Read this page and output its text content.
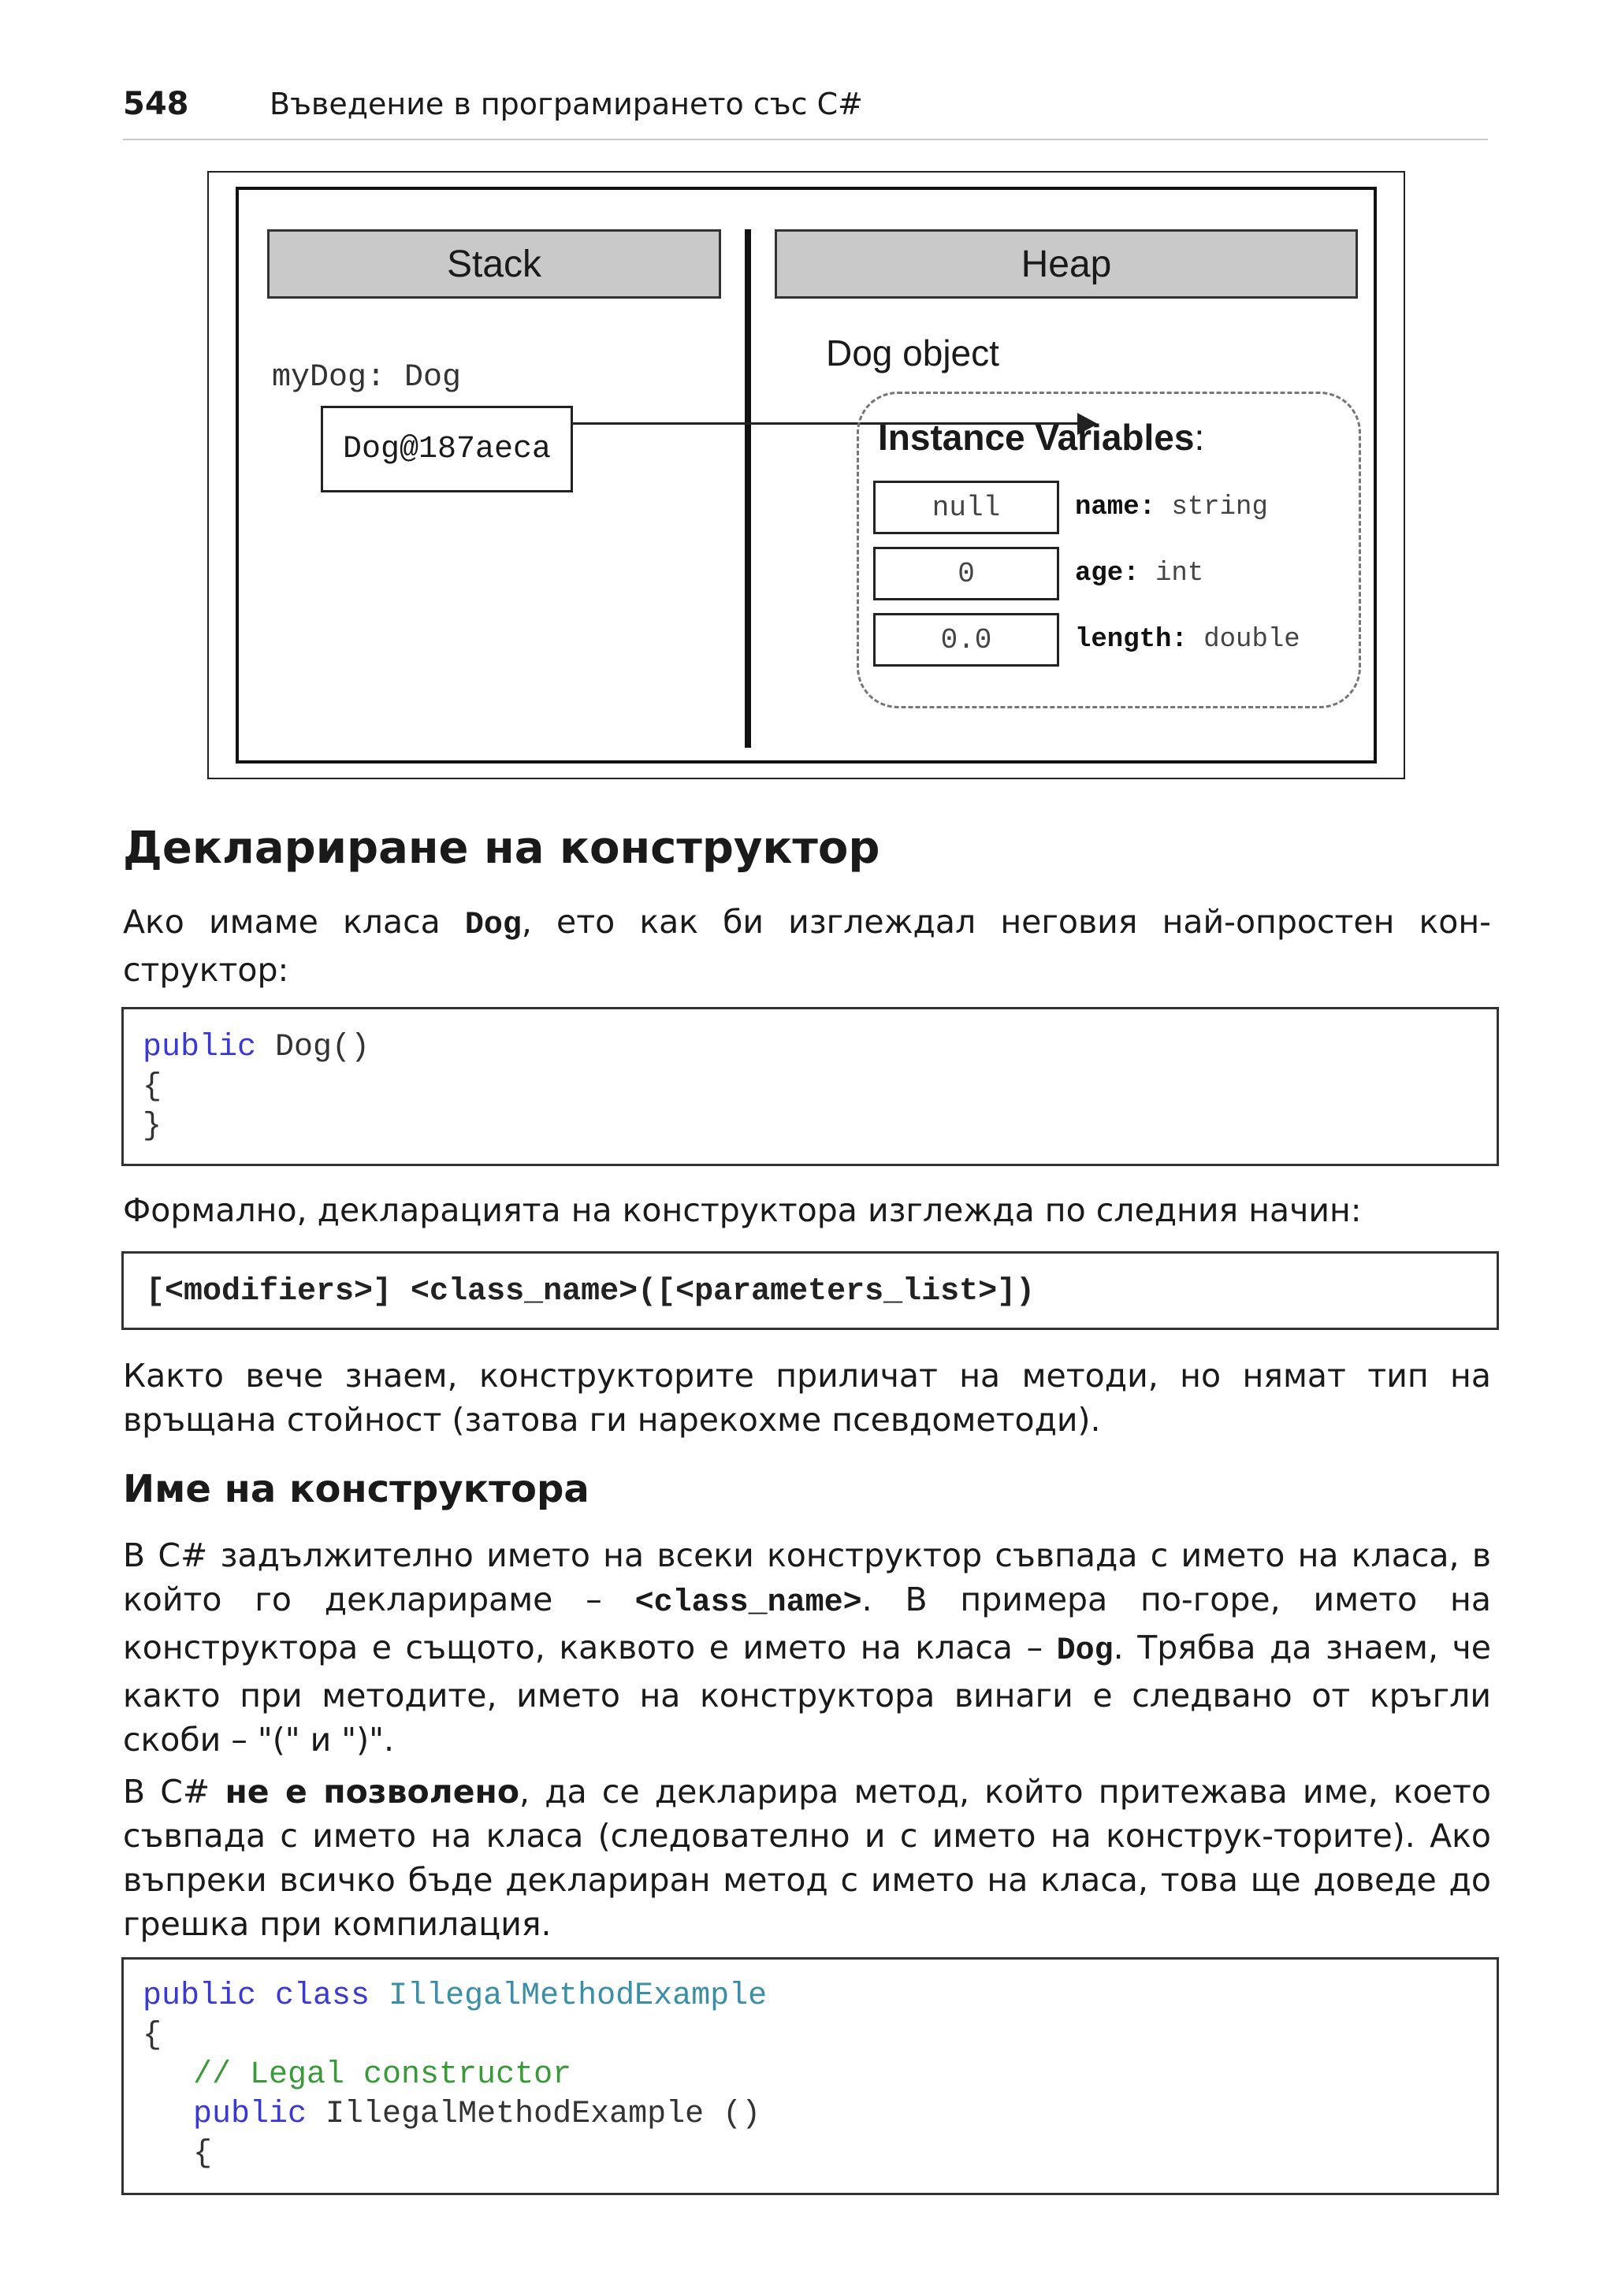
548	Въведение в програмирането със C#
Stack	Heap
myDog: Dog
Dog@187aeca
Dog object
Instance Variables:
null	name: string
0	age: int
0.0	length: double
Деклариране на конструктор

Ако имаме класа Dog, ето как би изглеждал неговия най-опростен кон-структор:

public Dog()
{
}

Формално, декларацията на конструктора изглежда по следния начин:

[<modifiers>] <class_name>([<parameters_list>])

Както вече знаем, конструкторите приличат на методи, но нямат тип на връщана стойност (затова ги нарекохме псевдометоди).

Име на конструктора

В C# задължително името на всеки конструктор съвпада с името на класа, в който го декларираме – <class_name>. В примера по-горе, името на конструктора е същото, каквото е името на класа – Dog. Трябва да знаем, че както при методите, името на конструктора винаги е следвано от кръгли скоби – "(" и ")".

В C# не е позволено, да се декларира метод, който притежава име, което съвпада с името на класа (следователно и с името на конструк-торите). Ако въпреки всичко бъде деклариран метод с името на класа, това ще доведе до грешка при компилация.

public class IllegalMethodExample
{
// Legal constructor
public IllegalMethodExample ()
{
